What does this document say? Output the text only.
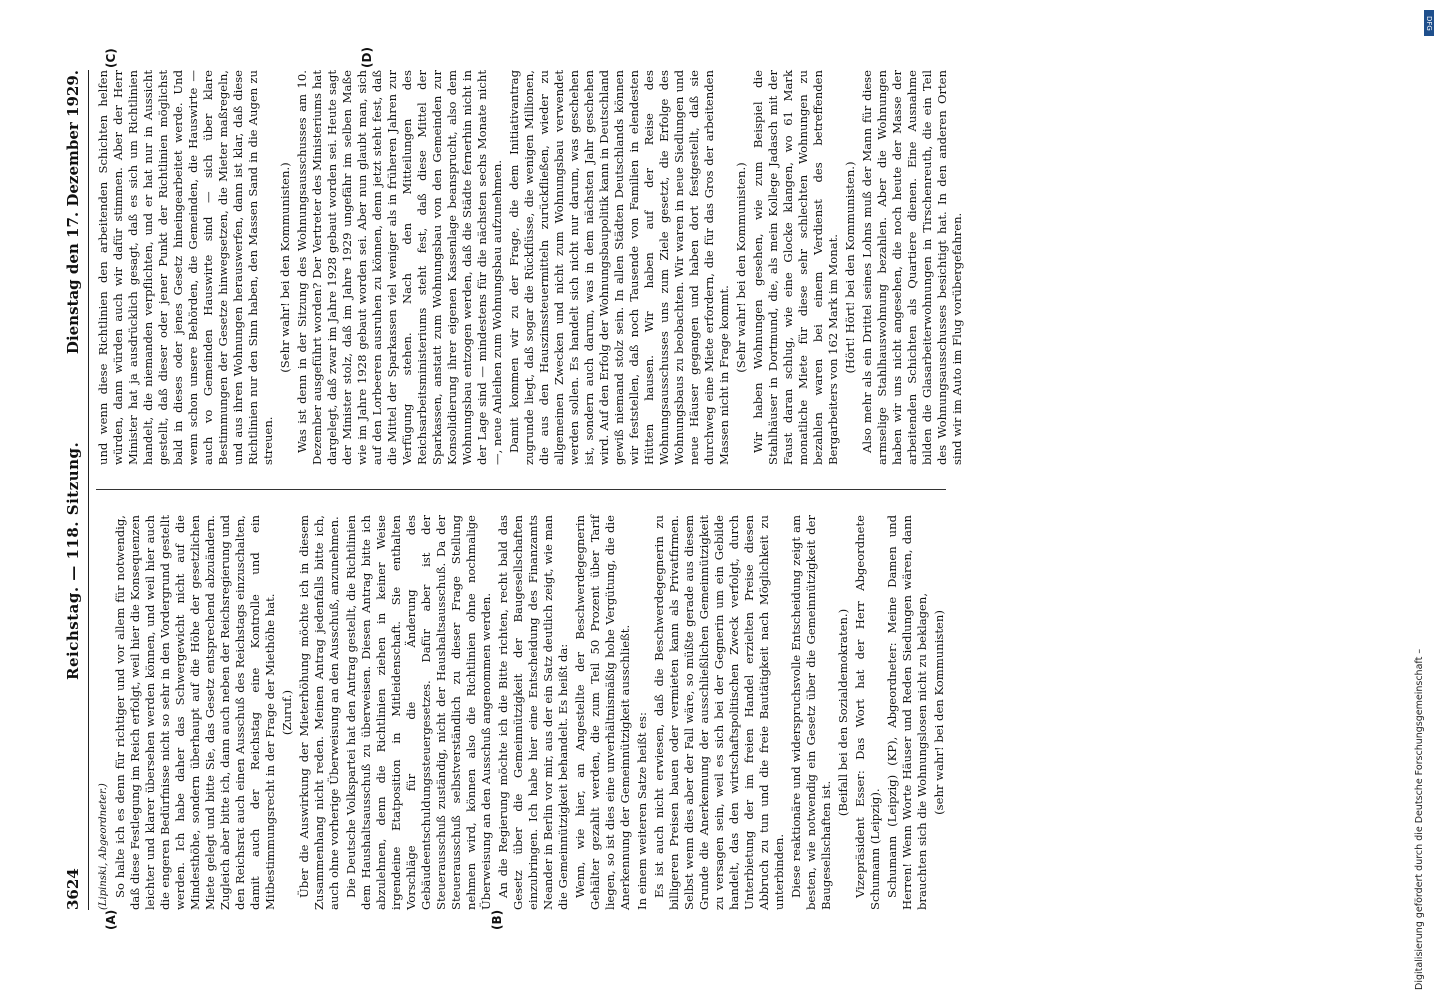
3624
Reichstag. — 118. Sitzung.
Dienstag den 17. Dezember 1929.
(A)	(B)
(C)	(D)

(Lipinski, Abgeordneter.) So halte ich es denn für richtiger und vor allem für notwendig, daß diese Festlegung im Reich erfolgt, weil hier die Konsequenzen leichter und klarer übersehen werden können, und weil hier auch die engeren Bedürfnisse nicht so sehr in den Vordergrund gestellt werden. Ich habe daher das Schwergewicht nicht auf die Mindesthöhe, sondern überhaupt auf die Höhe der gesetzlichen Miete gelegt und bitte Sie, das Gesetz entsprechend abzuändern. Zugleich aber bitte ich, dann auch neben der Reichsregierung und den Reichsrat auch einen Ausschuß des Reichstags einzuschalten, damit auch der Reichstag eine Kontrolle und ein Mitbestimmungsrecht in der Frage der Miethöhe hat. (Zuruf.) Über die Auswirkung der Mieterhöhung möchte ich in diesem Zusammenhang nicht reden. Meinen Antrag jedenfalls bitte ich, auch ohne vorherige Überweisung an den Ausschuß, anzunehmen. Die Deutsche Volkspartei hat den Antrag gestellt, die Richtlinien dem Haushaltsausschuß zu überweisen. Diesen Antrag bitte ich abzulehnen, denn die Richtlinien ziehen in keiner Weise irgendeine Etatposition in Mitleidenschaft. Sie enthalten Vorschläge für die Änderung des Gebäudeentschuldungssteuergesetzes. Dafür aber ist der Steuerausschuß zuständig, nicht der Haushaltsausschuß. Da der Steuerausschuß selbstverständlich zu dieser Frage Stellung nehmen wird, können also die Richtlinien ohne nochmalige Überweisung an den Ausschuß angenommen werden. An die Regierung möchte ich die Bitte richten, recht bald das Gesetz über die Gemeinnützigkeit der Baugesellschaften einzubringen. Ich habe hier eine Entscheidung des Finanzamts Neander in Berlin vor mir, aus der ein Satz deutlich zeigt, wie man die Gemeinnützigkeit behandelt. Es heißt da: Wenn, wie hier, an Angestellte der Beschwerdegegnerin Gehälter gezahlt werden, die zum Teil 50 Prozent über Tarif liegen, so ist dies eine unverhältnismäßig hohe Vergütung, die die Anerkennung der Gemeinnützigkeit ausschließt. In einem weiteren Satze heißt es: Es ist auch nicht erwiesen, daß die Beschwerdegegnerin zu billigeren Preisen bauen oder vermieten kann als Privatfirmen. Selbst wenn dies aber der Fall wäre, so müßte gerade aus diesem Grunde die Anerkennung der ausschließlichen Gemeinnützigkeit zu versagen sein, weil es sich bei der Gegnerin um ein Gebilde handelt, das den wirtschaftspolitischen Zweck verfolgt, durch Unterbietung der im freien Handel erzielten Preise diesen Abbruch zu tun und die freie Bautätigkeit nach Möglichkeit zu unterbinden. Diese reaktionäre und widerspruchsvolle Entscheidung zeigt am besten, wie notwendig ein Gesetz über die Gemeinnützigkeit der Baugesellschaften ist.

(Beifall bei den Sozialdemokraten.) Vizepräsident Esser: Das Wort hat der Herr Abgeordnete Schumann (Leipzig). Schumann (Leipzig) (KP), Abgeordneter: Meine Damen und Herren! Wenn Worte Häuser und Reden Siedlungen wären, dann brauchten sich die Wohnungslosen nicht zu beklagen, (sehr wahr! bei den Kommunisten)

und wenn diese Richtlinien den arbeitenden Schichten helfen würden, dann würden auch wir dafür stimmen. Aber der Herr Minister hat ja ausdrücklich gesagt, daß es sich um Richtlinien handelt, die niemanden verpflichten, und er hat nur in Aussicht gestellt, daß dieser oder jener Punkt der Richtlinien möglichst bald in dieses oder jenes Gesetz hineingearbeitet werde. Und wenn schon unsere Behörden, die Gemeinden, die Hauswirte — auch vo Gemeinden Hauswirte sind — sich über klare Bestimmungen der Gesetze hinwegsetzen, die Mieter maßregeln, und aus ihren Wohnungen herauswerfen, dann ist klar, daß diese Richtlinien nur den Sinn haben, den Massen Sand in die Augen zu streuen.

(Sehr wahr! bei den Kommunisten.) Was ist denn in der Sitzung des Wohnungsausschusses am 10. Dezember ausgeführt worden? Der Vertreter des Ministeriums hat dargelegt, daß zwar im Jahre 1928 gebaut worden sei. Heute sagt der Minister stolz, daß im Jahre 1929 ungefähr im selben Maße wie im Jahre 1928 gebaut worden sei. Aber nun glaubt man, sich auf den Lorbeeren ausruhen zu können, denn jetzt steht fest, daß die Mittel der Sparkassen viel weniger als in früheren Jahren zur Verfügung stehen. Nach den Mitteilungen des Reichsarbeitsministeriums steht fest, daß diese Mittel der Sparkassen, anstatt zum Wohnungsbau von den Gemeinden zur Konsolidierung ihrer eigenen Kassenlage beansprucht, also dem Wohnungsbau entzogen werden, daß die Städte fernerhin nicht in der Lage sind — mindestens für die nächsten sechs Monate nicht —, neue Anleihen zum Wohnungsbau aufzunehmen. Damit kommen wir zu der Frage, die dem Initiativantrag zugrunde liegt, daß sogar die Rückflüsse, die wenigen Millionen, die aus den Hauszinssteuermitteln zurückfließen, wieder zu allgemeinen Zwecken und nicht zum Wohnungsbau verwendet werden sollen. Es handelt sich nicht nur darum, was geschehen ist, sondern auch darum, was in dem nächsten Jahr geschehen wird. Auf den Erfolg der Wohnungsbaupolitik kann in Deutschland gewiß niemand stolz sein. In allen Städten Deutschlands können wir feststellen, daß noch Tausende von Familien in elendesten Hütten hausen. Wir haben auf der Reise des Wohnungsausschusses uns zum Ziele gesetzt, die Erfolge des Wohnungsbaus zu beobachten. Wir waren in neue Siedlungen und neue Häuser gegangen und haben dort festgestellt, daß sie durchweg eine Miete erfordern, die für das Gros der arbeitenden Massen nicht in Frage kommt.

(Sehr wahr! bei den Kommunisten.) Wir haben Wohnungen gesehen, wie zum Beispiel die Stahlhäuser in Dortmund, die, als mein Kollege Jadasch mit der Faust daran schlug, wie eine Glocke klangen, wo 61 Mark monatliche Miete für diese sehr schlechten Wohnungen zu bezahlen waren bei einem Verdienst des betreffenden Bergarbeiters von 162 Mark im Monat. (Hört! Hört! bei den Kommunisten.) Also mehr als ein Drittel seines Lohns muß der Mann für diese armselige Stahlhauswohnung bezahlen. Aber die Wohnungen haben wir uns nicht angesehen, die noch heute der Masse der arbeitenden Schichten als Quartiere dienen. Eine Ausnahme bilden die Glasarbeiterwohnungen in Tirschenreuth, die ein Teil des Wohnungsausschusses besichtigt hat. In den anderen Orten sind wir im Auto im Flug vorübergefahren.

Digitalisierung gefördert durch die Deutsche Forschungsgemeinschaft –
DFG
